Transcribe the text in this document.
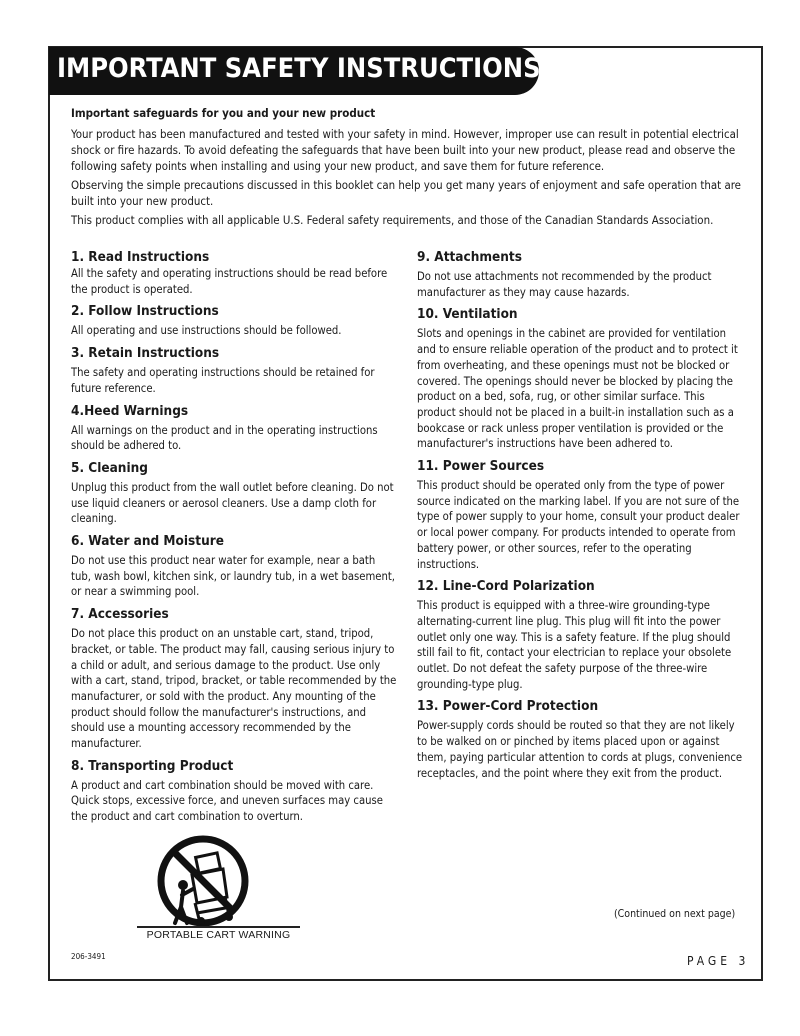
IMPORTANT SAFETY INSTRUCTIONS
Important safeguards for you and your new product

Your product has been manufactured and tested with your safety in mind. However, improper use can result in potential electrical shock or fire hazards. To avoid defeating the safeguards that have been built into your new product, please read and observe the following safety points when installing and using your new product, and save them for future reference.

Observing the simple precautions discussed in this booklet can help you get many years of enjoyment and safe operation that are built into your new product.

This product complies with all applicable U.S. Federal safety requirements, and those of the Canadian Standards Association.

1. Read Instructions
All the safety and operating instructions should be read before the product is operated.
2. Follow Instructions
All operating and use instructions should be followed.
3. Retain Instructions
The safety and operating instructions should be retained for future reference.
4.Heed Warnings
All warnings on the product and in the operating instructions should be adhered to.
5. Cleaning
Unplug this product from the wall outlet before cleaning. Do not use liquid cleaners or aerosol cleaners. Use a damp cloth for cleaning.
6. Water and Moisture
Do not use this product near water for example, near a bath tub, wash bowl, kitchen sink, or laundry tub, in a wet basement, or near a swimming pool.
7. Accessories
Do not place this product on an unstable cart, stand, tripod, bracket, or table. The product may fall, causing serious injury to a child or adult, and serious damage to the product. Use only with a cart, stand, tripod, bracket, or table recommended by the manufacturer, or sold with the product. Any mounting of the product should follow the manufacturer's instructions, and should use a mounting accessory recommended by the manufacturer.
8. Transporting Product
A product and cart combination should be moved with care. Quick stops, excessive force, and uneven surfaces may cause the product and cart combination to overturn.
9. Attachments
Do not use attachments not recommended by the product manufacturer as they may cause hazards.
10. Ventilation
Slots and openings in the cabinet are provided for ventilation and to ensure reliable operation of the product and to protect it from overheating, and these openings must not be blocked or covered. The openings should never be blocked by placing the product on a bed, sofa, rug, or other similar surface. This product should not be placed in a built-in installation such as a bookcase or rack unless proper ventilation is provided or the manufacturer's instructions have been adhered to.
11. Power Sources
This product should be operated only from the type of power source indicated on the marking label. If you are not sure of the type of power supply to your home, consult your product dealer or local power company. For products intended to operate from battery power, or other sources, refer to the operating instructions.
12. Line-Cord Polarization
This product is equipped with a three-wire grounding-type alternating-current line plug. This plug will fit into the power outlet only one way. This is a safety feature. If the plug should still fail to fit, contact your electrician to replace your obsolete outlet. Do not defeat the safety purpose of the three-wire grounding-type plug.
13. Power-Cord Protection
Power-supply cords should be routed so that they are not likely to be walked on or pinched by items placed upon or against them, paying particular attention to cords at plugs, convenience receptacles, and the point where they exit from the product.
PORTABLE CART WARNING
(Continued on next page)
206-3491	PAGE 3
